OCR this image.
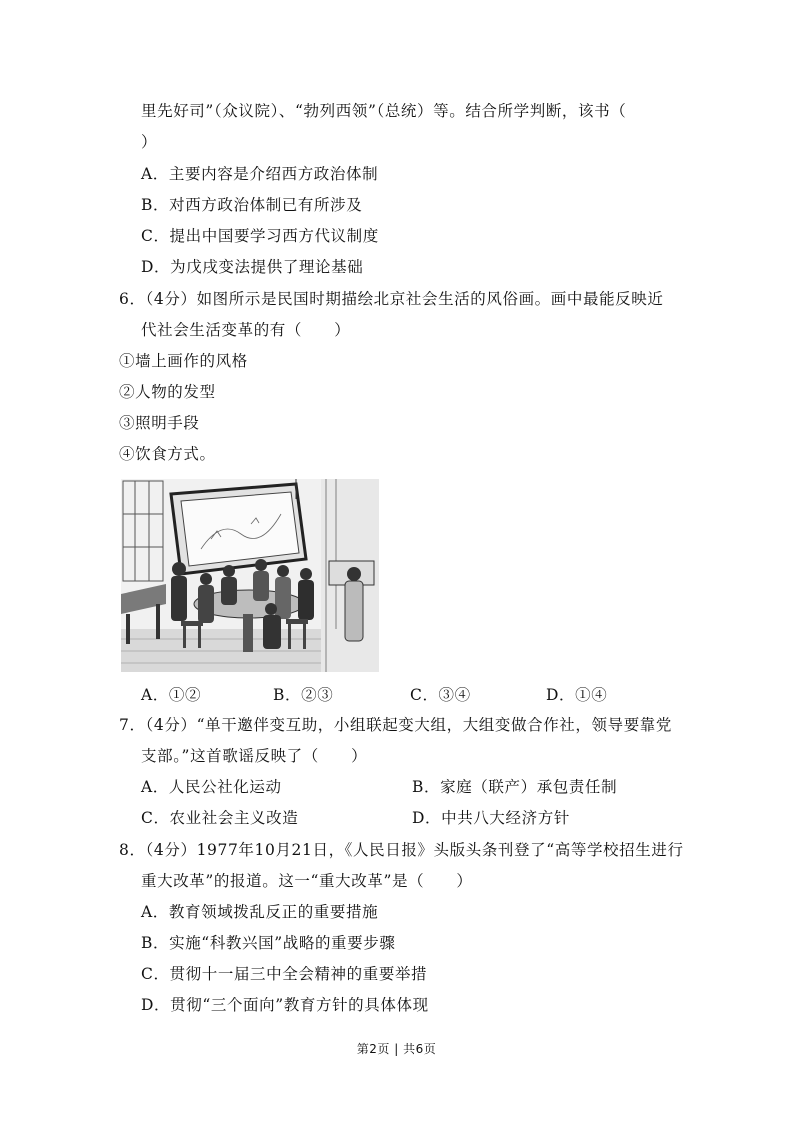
里先好司”（众议院）、“勃列西领”（总统）等。结合所学判断，该书（
）
A．主要内容是介绍西方政治体制
B．对西方政治体制已有所涉及
C．提出中国要学习西方代议制度
D．为戊戌变法提供了理论基础
6．（4分）如图所示是民国时期描绘北京社会生活的风俗画。画中最能反映近
代社会生活变革的有（　　）
①墙上画作的风格
②人物的发型
③照明手段
④饮食方式。
A．①②	B．②③	C．③④	D．①④
7．（4分）“单干邀伴变互助，小组联起变大组，大组变做合作社，领导要靠党
支部。”这首歌谣反映了（　　）
A．人民公社化运动	B．家庭（联产）承包责任制
C．农业社会主义改造	D．中共八大经济方针
8．（4分）1977年10月21日，《人民日报》头版头条刊登了“高等学校招生进行
重大改革”的报道。这一“重大改革”是（　　）
A．教育领域拨乱反正的重要措施
B．实施“科教兴国”战略的重要步骤
C．贯彻十一届三中全会精神的重要举措
D．贯彻“三个面向”教育方针的具体体现
第2页 | 共6页
